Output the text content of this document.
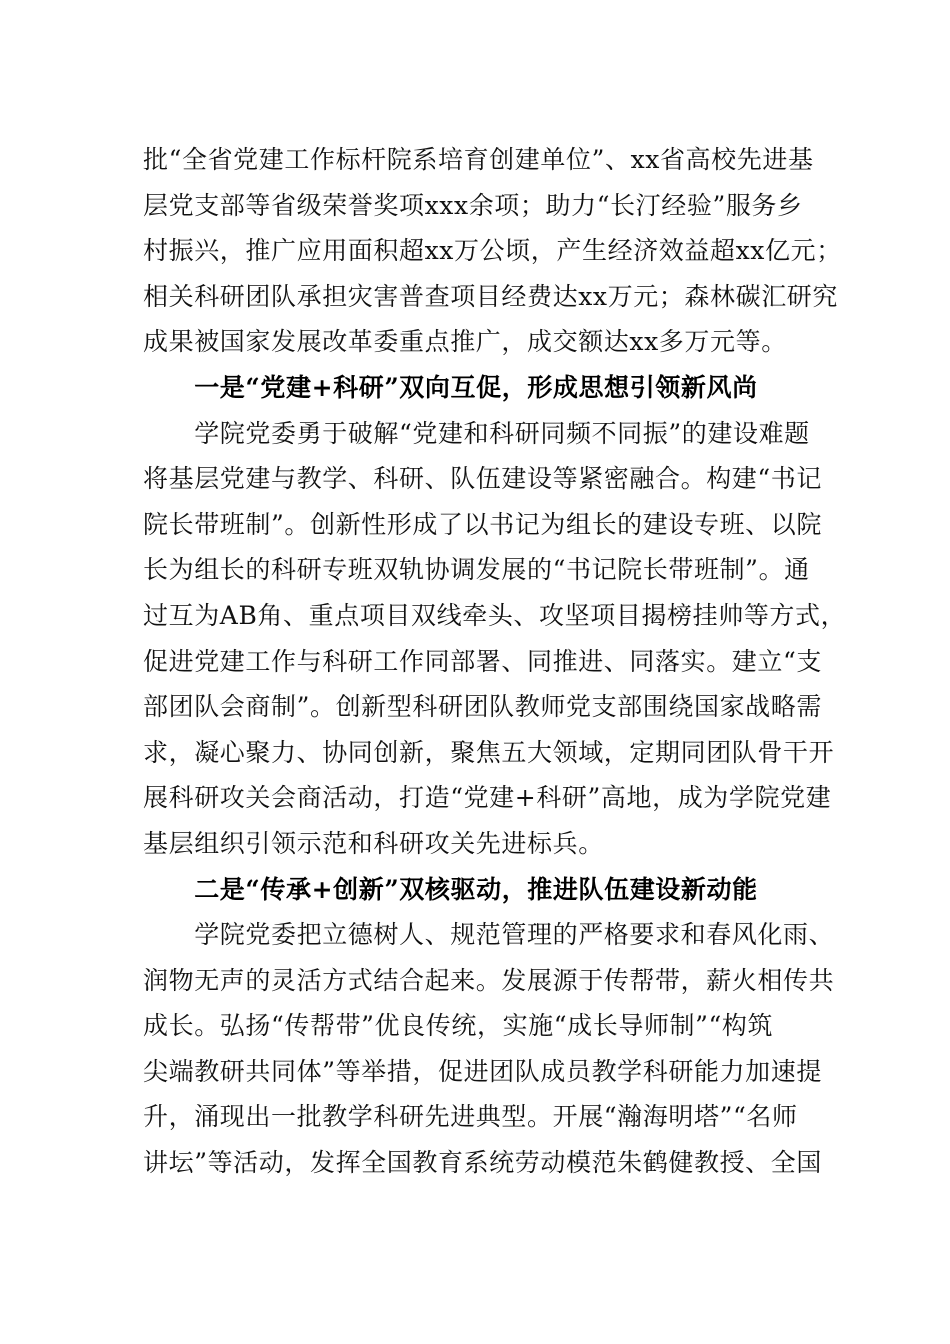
批“全省党建工作标杆院系培育创建单位”、xx省高校先进基
层党支部等省级荣誉奖项xxx余项；助力“长汀经验”服务乡
村振兴，推广应用面积超xx万公顷，产生经济效益超xx亿元；
相关科研团队承担灾害普查项目经费达xx万元；森林碳汇研究
成果被国家发展改革委重点推广，成交额达xx多万元等。
　　一是“党建+科研”双向互促，形成思想引领新风尚
　　学院党委勇于破解“党建和科研同频不同振”的建设难题
将基层党建与教学、科研、队伍建设等紧密融合。构建“书记
院长带班制”。创新性形成了以书记为组长的建设专班、以院
长为组长的科研专班双轨协调发展的“书记院长带班制”。通
过互为AB角、重点项目双线牵头、攻坚项目揭榜挂帅等方式，
促进党建工作与科研工作同部署、同推进、同落实。建立“支
部团队会商制”。创新型科研团队教师党支部围绕国家战略需
求，凝心聚力、协同创新，聚焦五大领域，定期同团队骨干开
展科研攻关会商活动，打造“党建+科研”高地，成为学院党建
基层组织引领示范和科研攻关先进标兵。
　　二是“传承+创新”双核驱动，推进队伍建设新动能
　　学院党委把立德树人、规范管理的严格要求和春风化雨、
润物无声的灵活方式结合起来。发展源于传帮带，薪火相传共
成长。弘扬“传帮带”优良传统，实施“成长导师制”“构筑
尖端教研共同体”等举措，促进团队成员教学科研能力加速提
升，涌现出一批教学科研先进典型。开展“瀚海明塔”“名师
讲坛”等活动，发挥全国教育系统劳动模范朱鹤健教授、全国
